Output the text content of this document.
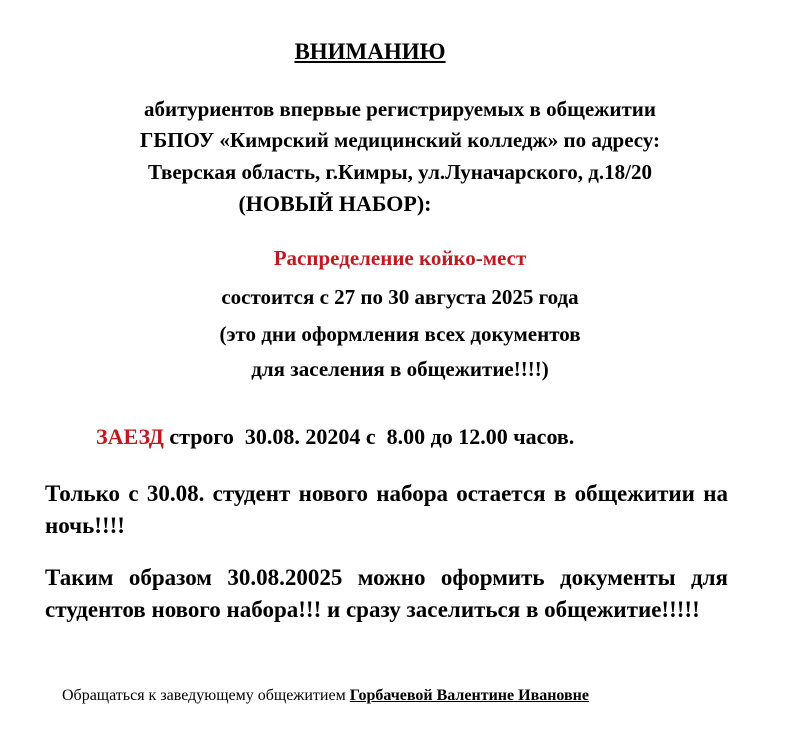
ВНИМАНИЮ
абитуриентов впервые регистрируемых в общежитии
ГБПОУ «Кимрский медицинский колледж» по адресу:
Тверская область, г.Кимры, ул.Луначарского, д.18/20
(НОВЫЙ НАБОР):
Распределение койко-мест
состоится с 27 по 30 августа 2025 года
(это дни оформления всех документов
для заселения в общежитие!!!!)
ЗАЕЗД строго  30.08. 20204 с  8.00 до 12.00 часов.
Только с 30.08. студент нового набора остается в общежитии на ночь!!!!
Таким образом 30.08.20025 можно оформить документы для студентов нового набора!!! и сразу заселиться в общежитие!!!!!
Обращаться к заведующему общежитием Горбачевой Валентине Ивановне
